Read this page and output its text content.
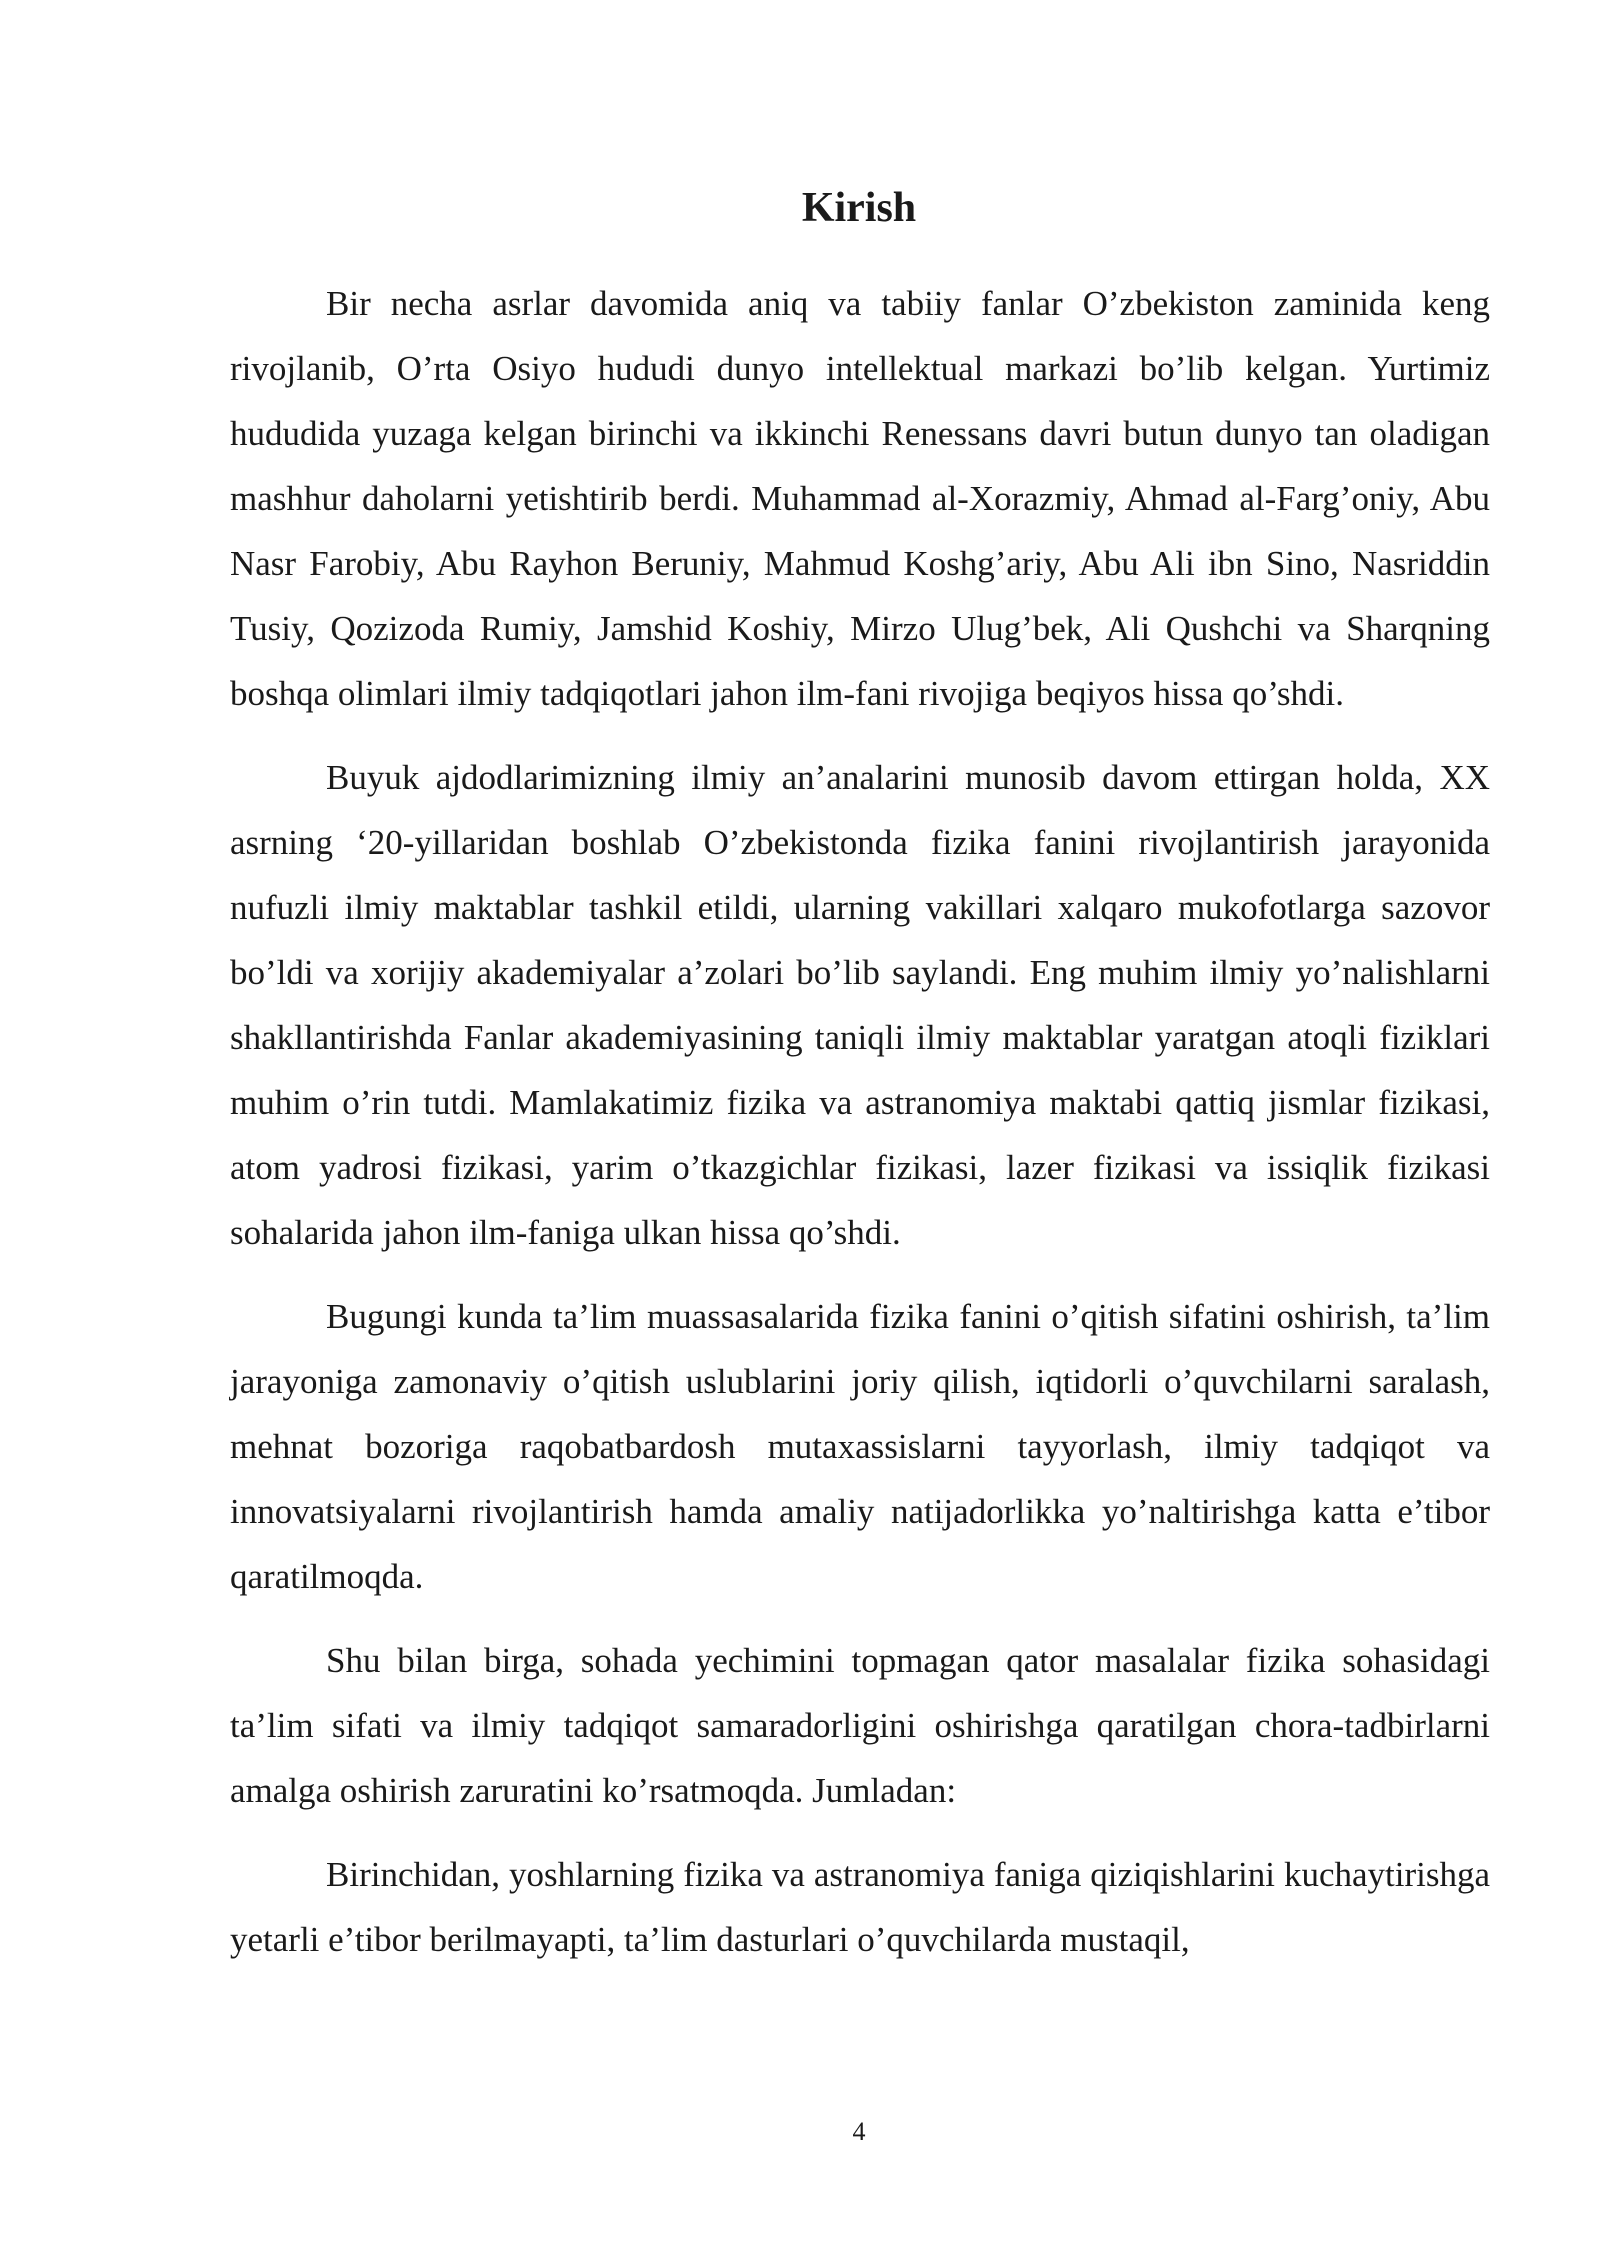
Kirish

Bir necha asrlar davomida aniq va tabiiy fanlar O’zbekiston zaminida keng rivojlanib, O’rta Osiyo hududi dunyo intellektual markazi bo’lib kelgan. Yurtimiz hududida yuzaga kelgan birinchi va ikkinchi Renessans davri butun dunyo tan oladigan mashhur daholarni yetishtirib berdi. Muhammad al-Xorazmiy, Ahmad al-Farg’oniy, Abu Nasr Farobiy, Abu Rayhon Beruniy, Mahmud Koshg’ariy, Abu Ali ibn Sino, Nasriddin Tusiy, Qozizoda Rumiy, Jamshid Koshiy, Mirzo Ulug’bek, Ali Qushchi va Sharqning boshqa olimlari ilmiy tadqiqotlari jahon ilm-fani rivojiga beqiyos hissa qo’shdi.

Buyuk ajdodlarimizning ilmiy an’analarini munosib davom ettirgan holda, XX asrning ‘20-yillaridan boshlab O’zbekistonda fizika fanini rivojlantirish jarayonida nufuzli ilmiy maktablar tashkil etildi, ularning vakillari xalqaro mukofotlarga sazovor bo’ldi va xorijiy akademiyalar a’zolari bo’lib saylandi. Eng muhim ilmiy yo’nalishlarni shakllantirishda Fanlar akademiyasining taniqli ilmiy maktablar yaratgan atoqli fiziklari muhim o’rin tutdi. Mamlakatimiz fizika va astranomiya maktabi qattiq jismlar fizikasi, atom yadrosi fizikasi, yarim o’tkazgichlar fizikasi, lazer fizikasi va issiqlik fizikasi sohalarida jahon ilm-faniga ulkan hissa qo’shdi.

Bugungi kunda ta’lim muassasalarida fizika fanini o’qitish sifatini oshirish, ta’lim jarayoniga zamonaviy o’qitish uslublarini joriy qilish, iqtidorli o’quvchilarni saralash, mehnat bozoriga raqobatbardosh mutaxassislarni tayyorlash, ilmiy tadqiqot va innovatsiyalarni rivojlantirish hamda amaliy natijadorlikka yo’naltirishga katta e’tibor qaratilmoqda.

Shu bilan birga, sohada yechimini topmagan qator masalalar fizika sohasidagi ta’lim sifati va ilmiy tadqiqot samaradorligini oshirishga qaratilgan chora-tadbirlarni amalga oshirish zaruratini ko’rsatmoqda. Jumladan:

Birinchidan, yoshlarning fizika va astranomiya faniga qiziqishlarini kuchaytirishga yetarli e’tibor berilmayapti, ta’lim dasturlari o’quvchilarda mustaqil,

4
